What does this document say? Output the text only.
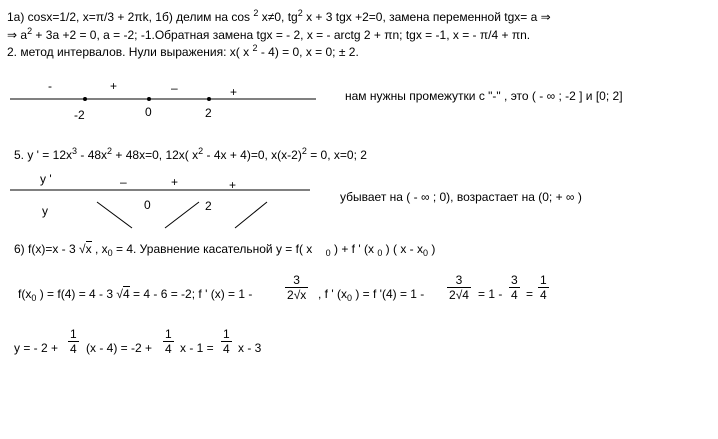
1a) cosx=1/2, x=π/3 + 2πk, 1б) делим на cos $^2$ x≠0, $tg^2$ x + 3 tgx +2=0, замена переменной tgx= a ⇒
⇒ $a^2 + 3a +2 = 0$, a = -2; -1.Обратная замена tgx = - 2, x = - arctg 2 + πn; tgx = -1, x = - π/4 + πn.
2. метод интервалов. Нули выражения: x( x $^2$ - 4) = 0, x = 0; ± 2.
-	+	–	+
-2	0	2
нам нужны промежутки с "-" , это ( - ∞ ; -2 ] и [0; 2]
5. y ' = $12x^3 - 48x^2 + 48x=0$, 12x( $x^2 - 4x + 4)=0$, $x(x-2)^2 = 0$, x=0; 2
y '
y
–	+	+
0	2
убывает на ( - ∞ ; 0), возрастает на (0; + ∞ )
6) f(x)=x - 3 √x , $x_0 = 4$. Уравнение касательной y = f( x $_0$ ) + f ' (x $_0$ ) ( x - $x_0$ )
$f(x_0$ ) = f(4) = 4 - 3 √4 = 4 - 6 = -2; f ' (x) = 1 -	$\frac{3}{2√x}$ , f ' ($x_0$ ) = f '$(4) = 1 - \frac{3}{2√4} = 1 - \frac{3}{4} = \frac{1}{4}$
y = - $2 + \frac{1}{4} (x - 4) = -2 + \frac{1}{4}$ $x - 1 = \frac{1}{4}$ x - 3
